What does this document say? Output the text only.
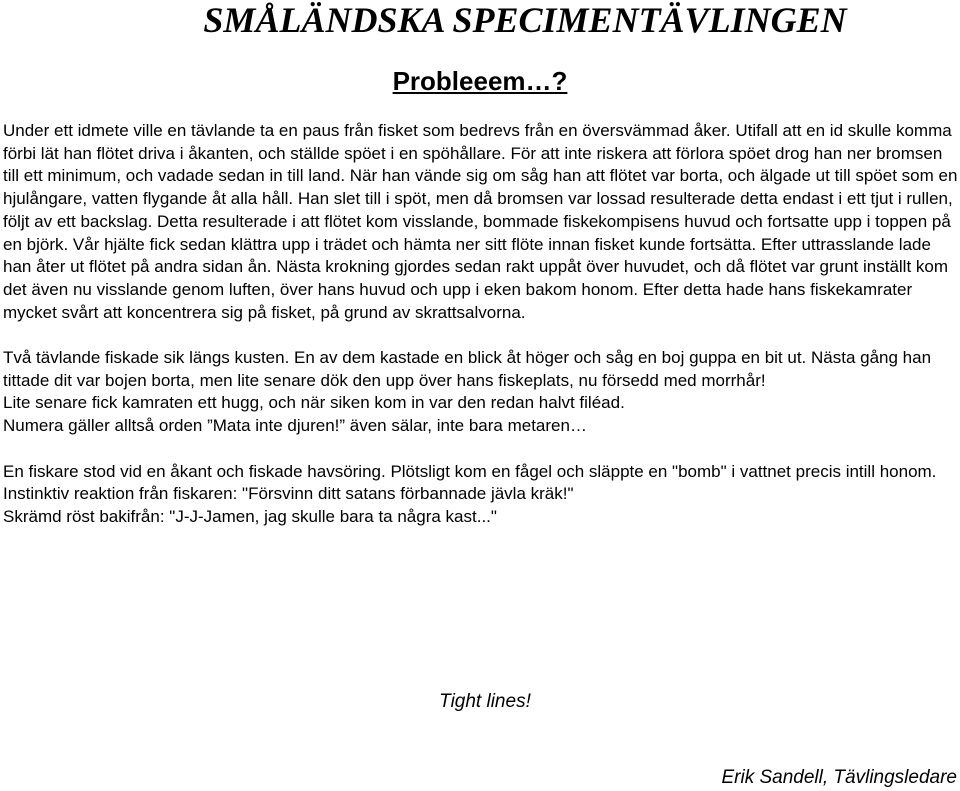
SMÅLÄNDSKA SPECIMENTÄVLINGEN
Probleeem…?

Under ett idmete ville en tävlande ta en paus från fisket som bedrevs från en översvämmad åker. Utifall att en id skulle komma förbi lät han flötet driva i åkanten, och ställde spöet i en spöhållare. För att inte riskera att förlora spöet drog han ner bromsen till ett minimum, och vadade sedan in till land. När han vände sig om såg han att flötet var borta, och älgade ut till spöet som en hjulångare, vatten flygande åt alla håll. Han slet till i spöt, men då bromsen var lossad resulterade detta endast i ett tjut i rullen, följt av ett backslag. Detta resulterade i att flötet kom visslande, bommade fiskekompisens huvud och fortsatte upp i toppen på en björk. Vår hjälte fick sedan klättra upp i trädet och hämta ner sitt flöte innan fisket kunde fortsätta. Efter uttrasslande lade han åter ut flötet på andra sidan ån. Nästa krokning gjordes sedan rakt uppåt över huvudet, och då flötet var grunt inställt kom det även nu visslande genom luften, över hans huvud och upp i eken bakom honom. Efter detta hade hans fiskekamrater mycket svårt att koncentrera sig på fisket, på grund av skrattsalvorna.

Två tävlande fiskade sik längs kusten. En av dem kastade en blick åt höger och såg en boj guppa en bit ut. Nästa gång han tittade dit var bojen borta, men lite senare dök den upp över hans fiskeplats, nu försedd med morrhår!

Lite senare fick kamraten ett hugg, och när siken kom in var den redan halvt filéad.

Numera gäller alltså orden ”Mata inte djuren!” även sälar, inte bara metaren…

En fiskare stod vid en åkant och fiskade havsöring. Plötsligt kom en fågel och släppte en "bomb" i vattnet precis intill honom.

Instinktiv reaktion från fiskaren: "Försvinn ditt satans förbannade jävla kräk!"

Skrämd röst bakifrån: "J-J-Jamen, jag skulle bara ta några kast..."

Tight lines!

Erik Sandell, Tävlingsledare
